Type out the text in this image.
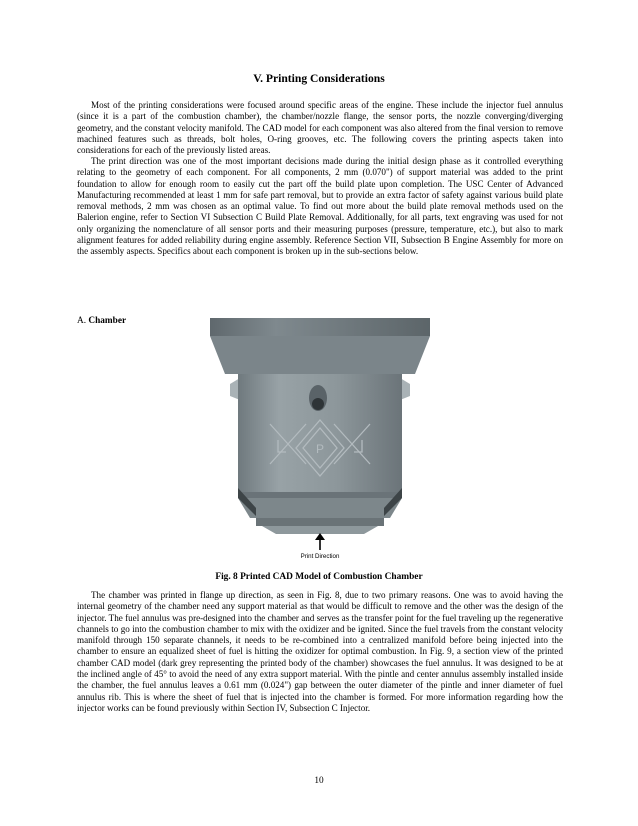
V. Printing Considerations

Most of the printing considerations were focused around specific areas of the engine. These include the injector fuel annulus (since it is a part of the combustion chamber), the chamber/nozzle flange, the sensor ports, the nozzle converging/diverging geometry, and the constant velocity manifold. The CAD model for each component was also altered from the final version to remove machined features such as threads, bolt holes, O-ring grooves, etc. The following covers the printing aspects taken into considerations for each of the previously listed areas.

The print direction was one of the most important decisions made during the initial design phase as it controlled everything relating to the geometry of each component. For all components, 2 mm (0.070") of support material was added to the print foundation to allow for enough room to easily cut the part off the build plate upon completion. The USC Center of Advanced Manufacturing recommended at least 1 mm for safe part removal, but to provide an extra factor of safety against various build plate removal methods, 2 mm was chosen as an optimal value. To find out more about the build plate removal methods used on the Balerion engine, refer to Section VI Subsection C Build Plate Removal. Additionally, for all parts, text engraving was used for not only organizing the nomenclature of all sensor ports and their measuring purposes (pressure, temperature, etc.), but also to mark alignment features for added reliability during engine assembly. Reference Section VII, Subsection B Engine Assembly for more on the assembly aspects. Specifics about each component is broken up in the sub-sections below.

A. Chamber
P
Print Direction
Fig. 8 Printed CAD Model of Combustion Chamber

The chamber was printed in flange up direction, as seen in Fig. 8, due to two primary reasons. One was to avoid having the internal geometry of the chamber need any support material as that would be difficult to remove and the other was the design of the injector. The fuel annulus was pre-designed into the chamber and serves as the transfer point for the fuel traveling up the regenerative channels to go into the combustion chamber to mix with the oxidizer and be ignited. Since the fuel travels from the constant velocity manifold through 150 separate channels, it needs to be re-combined into a centralized manifold before being injected into the chamber to ensure an equalized sheet of fuel is hitting the oxidizer for optimal combustion. In Fig. 9, a section view of the printed chamber CAD model (dark grey representing the printed body of the chamber) showcases the fuel annulus. It was designed to be at the inclined angle of 45° to avoid the need of any extra support material. With the pintle and center annulus assembly installed inside the chamber, the fuel annulus leaves a 0.61 mm (0.024") gap between the outer diameter of the pintle and inner diameter of fuel annulus rib. This is where the sheet of fuel that is injected into the chamber is formed. For more information regarding how the injector works can be found previously within Section IV, Subsection C Injector.

10
